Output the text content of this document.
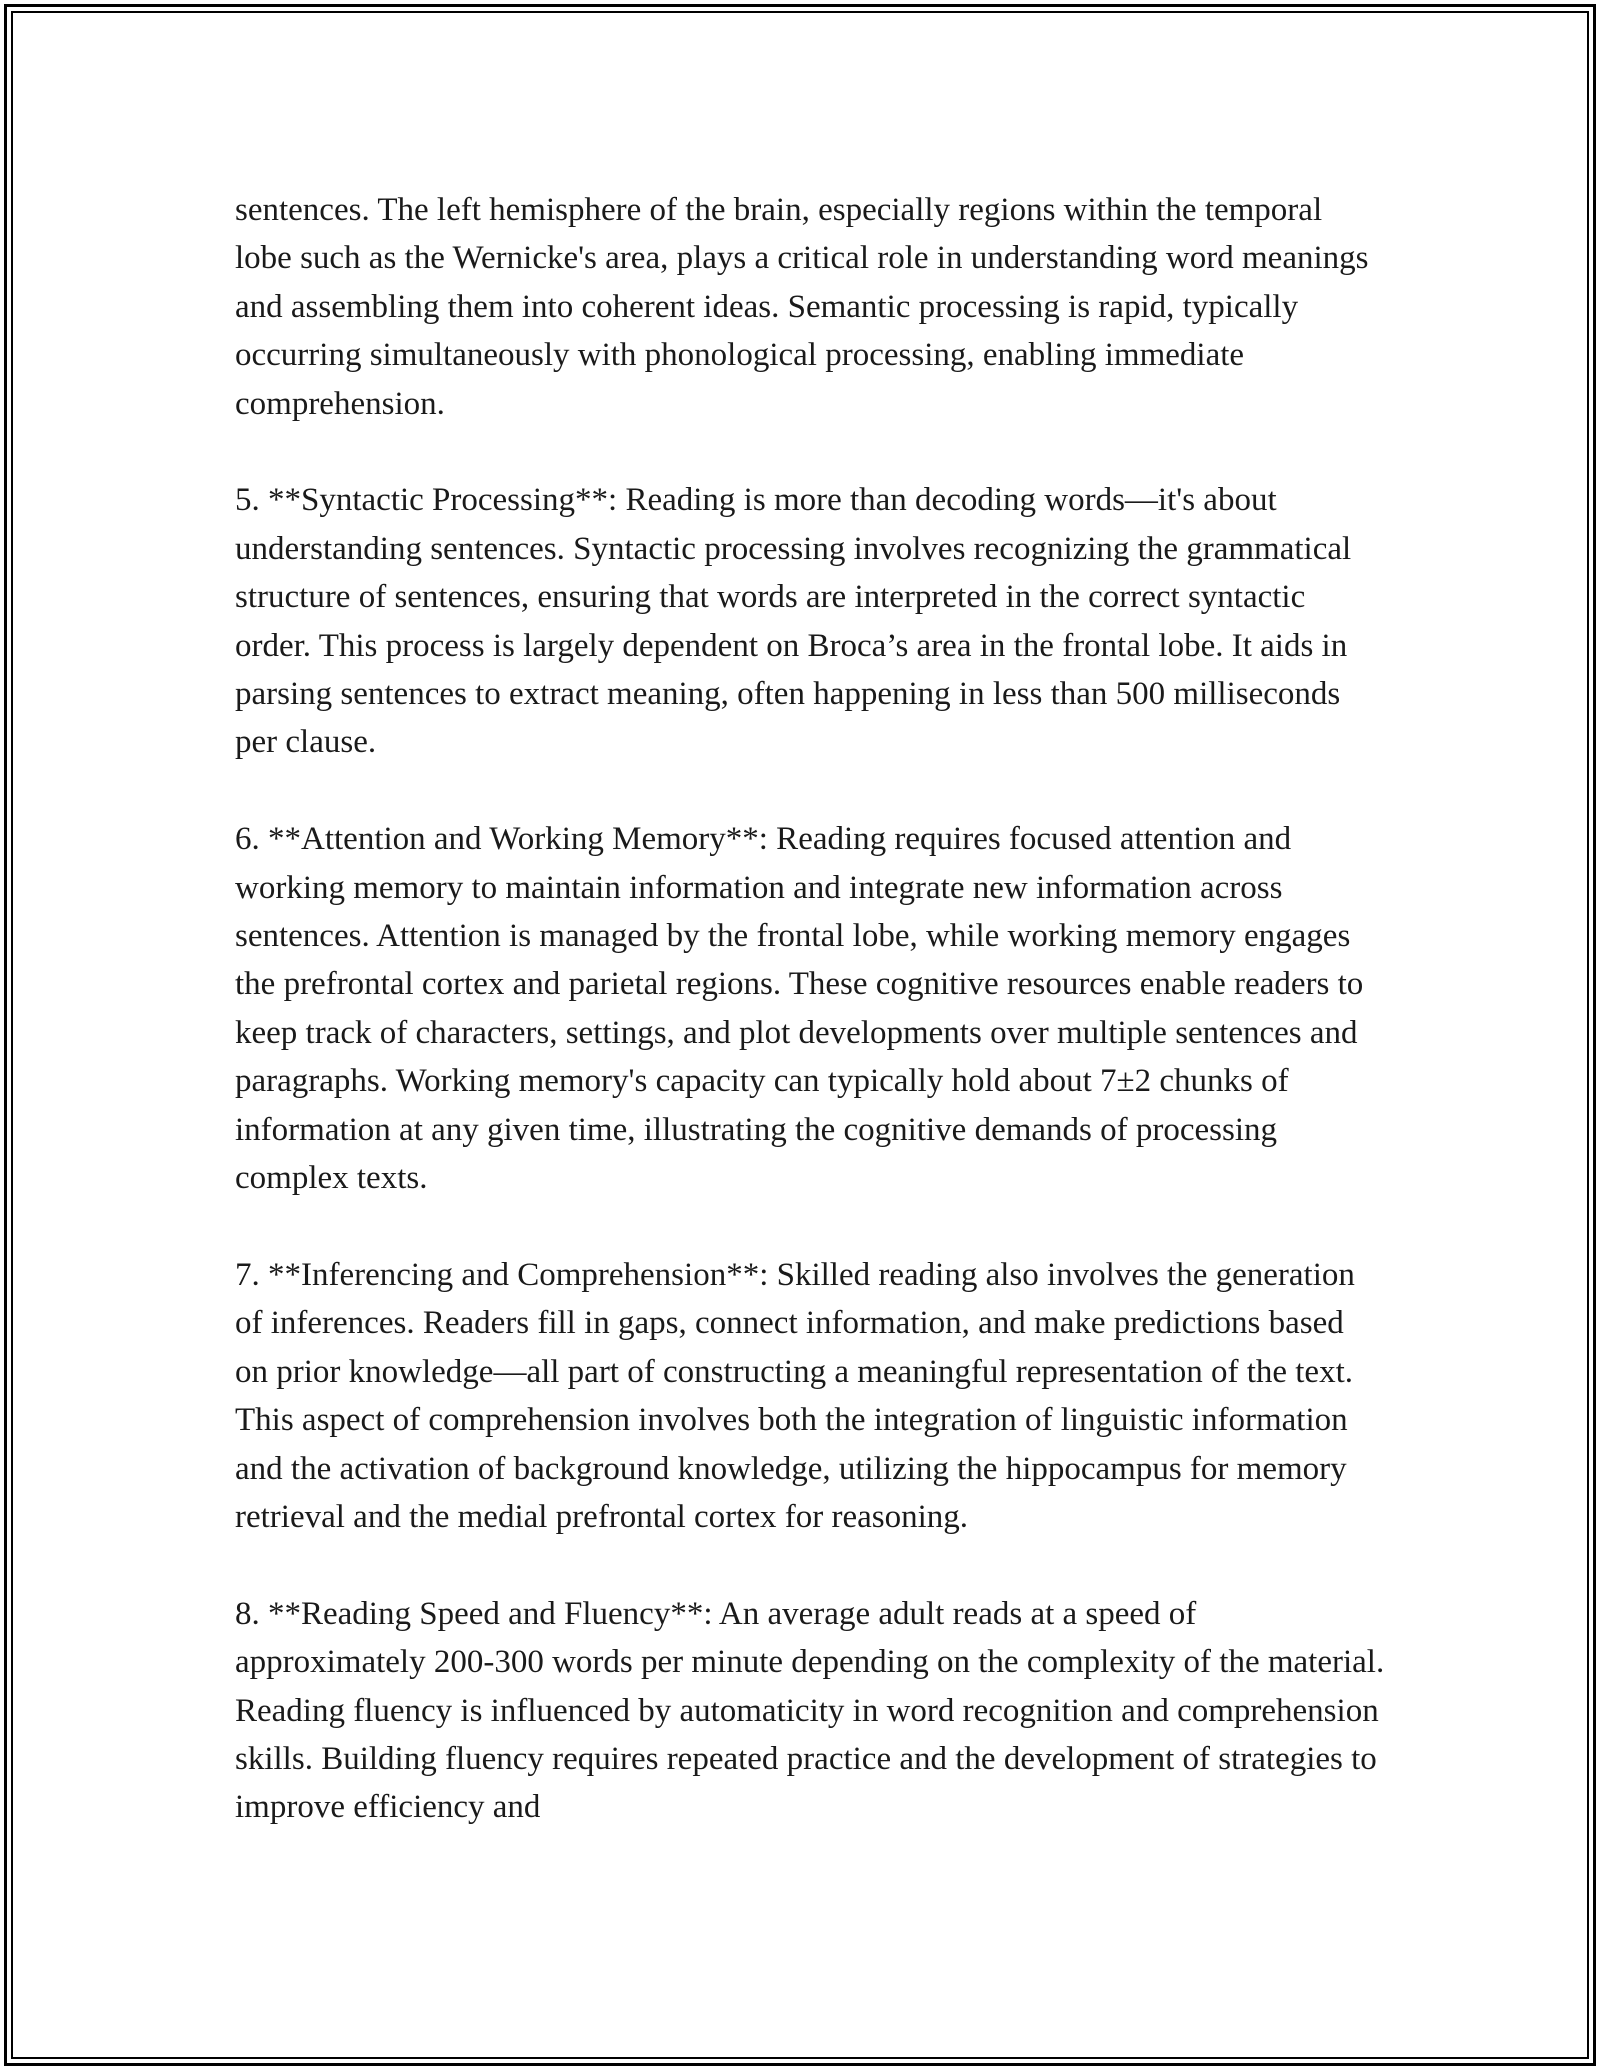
sentences. The left hemisphere of the brain, especially regions within the temporal lobe such as the Wernicke's area, plays a critical role in understanding word meanings and assembling them into coherent ideas. Semantic processing is rapid, typically occurring simultaneously with phonological processing, enabling immediate comprehension.

5. **Syntactic Processing**: Reading is more than decoding words—it's about understanding sentences. Syntactic processing involves recognizing the grammatical structure of sentences, ensuring that words are interpreted in the correct syntactic order. This process is largely dependent on Broca’s area in the frontal lobe. It aids in parsing sentences to extract meaning, often happening in less than 500 milliseconds per clause.

6. **Attention and Working Memory**: Reading requires focused attention and working memory to maintain information and integrate new information across sentences. Attention is managed by the frontal lobe, while working memory engages the prefrontal cortex and parietal regions. These cognitive resources enable readers to keep track of characters, settings, and plot developments over multiple sentences and paragraphs. Working memory's capacity can typically hold about 7±2 chunks of information at any given time, illustrating the cognitive demands of processing complex texts.

7. **Inferencing and Comprehension**: Skilled reading also involves the generation of inferences. Readers fill in gaps, connect information, and make predictions based on prior knowledge—all part of constructing a meaningful representation of the text. This aspect of comprehension involves both the integration of linguistic information and the activation of background knowledge, utilizing the hippocampus for memory retrieval and the medial prefrontal cortex for reasoning.

8. **Reading Speed and Fluency**: An average adult reads at a speed of approximately 200-300 words per minute depending on the complexity of the material. Reading fluency is influenced by automaticity in word recognition and comprehension skills. Building fluency requires repeated practice and the development of strategies to improve efficiency and
